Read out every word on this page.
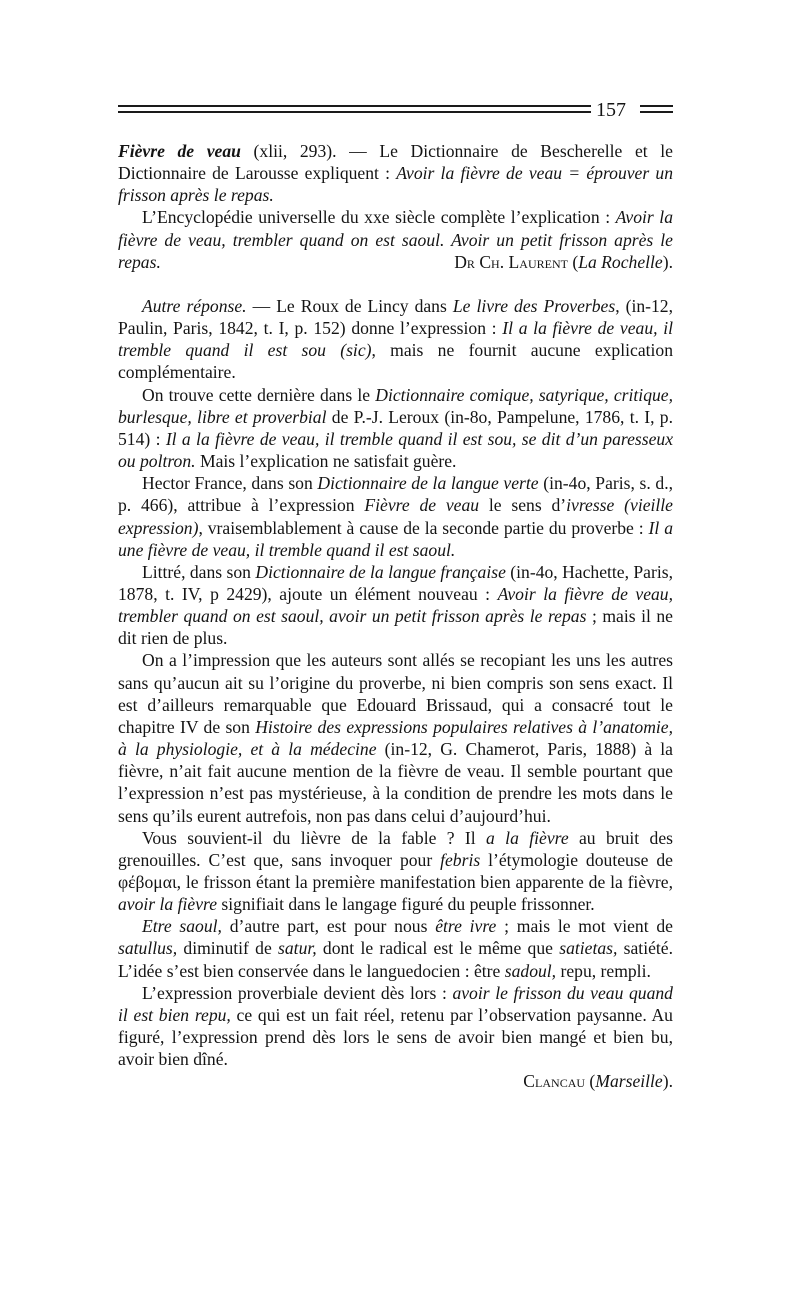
157

Fièvre de veau (xlii, 293). — Le Dictionnaire de Bescherelle et le Dictionnaire de Larousse expliquent : Avoir la fièvre de veau = éprouver un frisson après le repas.

L’Encyclopédie universelle du xxe siècle complète l’explication : Avoir la fièvre de veau, trembler quand on est saoul. Avoir un petit frisson après le repas.	Dr Ch. Laurent (La Rochelle).

Autre réponse. — Le Roux de Lincy dans Le livre des Proverbes, (in-12, Paulin, Paris, 1842, t. I, p. 152) donne l’expression : Il a la fièvre de veau, il tremble quand il est sou (sic), mais ne fournit aucune explication complémentaire.

On trouve cette dernière dans le Dictionnaire comique, satyrique, critique, burlesque, libre et proverbial de P.-J. Leroux (in-8o, Pampelune, 1786, t. I, p. 514) : Il a la fièvre de veau, il tremble quand il est sou, se dit d’un paresseux ou poltron. Mais l’explication ne satisfait guère.

Hector France, dans son Dictionnaire de la langue verte (in-4o, Paris, s. d., p. 466), attribue à l’expression Fièvre de veau le sens d’ivresse (vieille expression), vraisemblablement à cause de la seconde partie du proverbe : Il a une fièvre de veau, il tremble quand il est saoul.

Littré, dans son Dictionnaire de la langue française (in-4o, Hachette, Paris, 1878, t. IV, p 2429), ajoute un élément nouveau : Avoir la fièvre de veau, trembler quand on est saoul, avoir un petit frisson après le repas ; mais il ne dit rien de plus.

On a l’impression que les auteurs sont allés se recopiant les uns les autres sans qu’aucun ait su l’origine du proverbe, ni bien compris son sens exact. Il est d’ailleurs remarquable que Edouard Brissaud, qui a consacré tout le chapitre IV de son Histoire des expressions populaires relatives à l’anatomie, à la physiologie, et à la médecine (in-12, G. Chamerot, Paris, 1888) à la fièvre, n’ait fait aucune mention de la fièvre de veau. Il semble pourtant que l’expression n’est pas mystérieuse, à la condition de prendre les mots dans le sens qu’ils eurent autrefois, non pas dans celui d’aujourd’hui.

Vous souvient-il du lièvre de la fable ? Il a la fièvre au bruit des grenouilles. C’est que, sans invoquer pour febris l’étymologie douteuse de φέβομαι, le frisson étant la première manifestation bien apparente de la fièvre, avoir la fièvre signifiait dans le langage figuré du peuple frissonner.

Etre saoul, d’autre part, est pour nous être ivre ; mais le mot vient de satullus, diminutif de satur, dont le radical est le même que satietas, satiété. L’idée s’est bien conservée dans le languedocien : être sadoul, repu, rempli.

L’expression proverbiale devient dès lors : avoir le frisson du veau quand il est bien repu, ce qui est un fait réel, retenu par l’observation paysanne. Au figuré, l’expression prend dès lors le sens de avoir bien mangé et bien bu, avoir bien dîné.

Clancau (Marseille).
